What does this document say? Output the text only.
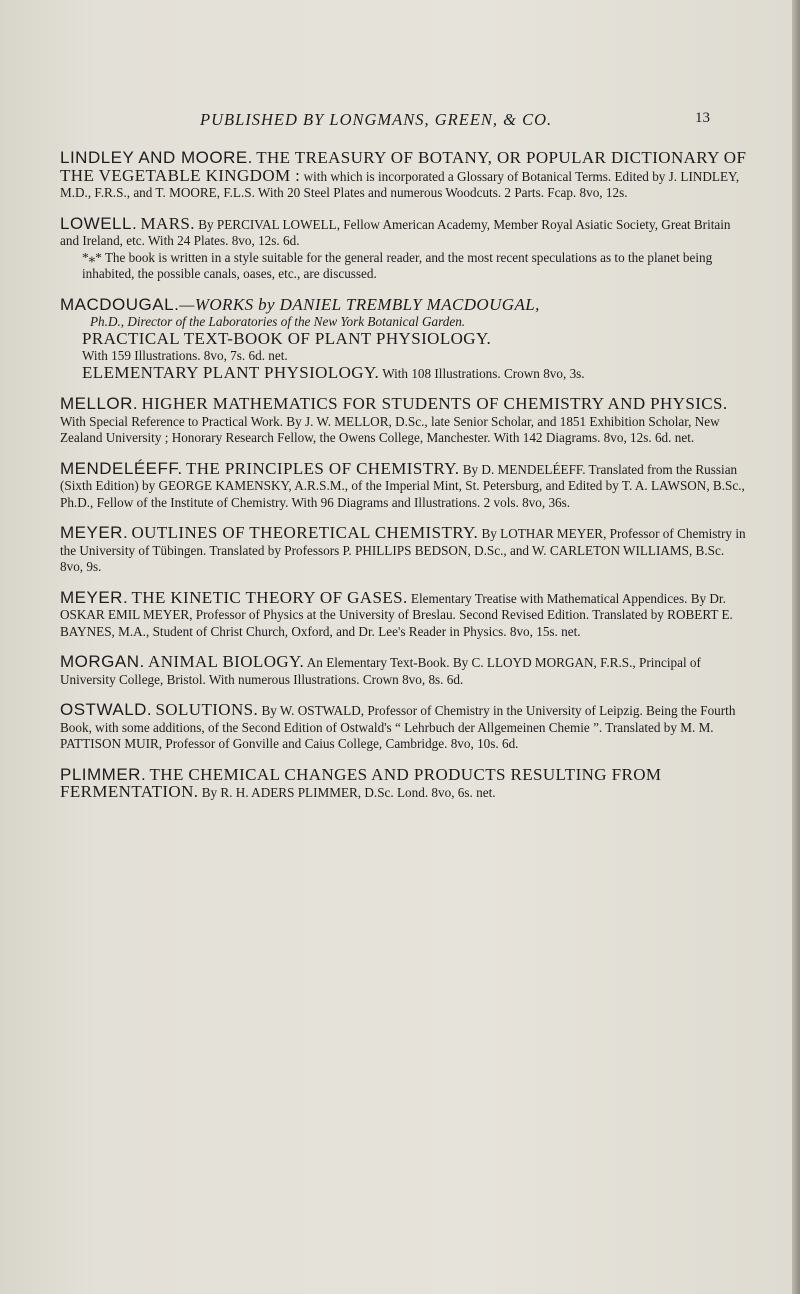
PUBLISHED BY LONGMANS, GREEN, & CO.	13

LINDLEY AND MOORE. THE TREASURY OF BOTANY, OR POPULAR DICTIONARY OF THE VEGETABLE KINGDOM : with which is incorporated a Glossary of Botanical Terms. Edited by J. LINDLEY, M.D., F.R.S., and T. MOORE, F.L.S. With 20 Steel Plates and numerous Woodcuts. 2 Parts. Fcap. 8vo, 12s.

LOWELL. MARS. By PERCIVAL LOWELL, Fellow American Academy, Member Royal Asiatic Society, Great Britain and Ireland, etc. With 24 Plates. 8vo, 12s. 6d.

*⁎* The book is written in a style suitable for the general reader, and the most recent speculations as to the planet being inhabited, the possible canals, oases, etc., are discussed.

MACDOUGAL.—WORKS by DANIEL TREMBLY MACDOUGAL,

Ph.D., Director of the Laboratories of the New York Botanical Garden.

PRACTICAL TEXT-BOOK OF PLANT PHYSIOLOGY.
With 159 Illustrations. 8vo, 7s. 6d. net.

ELEMENTARY PLANT PHYSIOLOGY. With 108 Illustrations. Crown 8vo, 3s.

MELLOR. HIGHER MATHEMATICS FOR STUDENTS OF CHEMISTRY AND PHYSICS. With Special Reference to Practical Work. By J. W. MELLOR, D.Sc., late Senior Scholar, and 1851 Exhibition Scholar, New Zealand University ; Honorary Research Fellow, the Owens College, Manchester. With 142 Diagrams. 8vo, 12s. 6d. net.

MENDELÉEFF. THE PRINCIPLES OF CHEMISTRY. By D. MENDELÉEFF. Translated from the Russian (Sixth Edition) by GEORGE KAMENSKY, A.R.S.M., of the Imperial Mint, St. Petersburg, and Edited by T. A. LAWSON, B.Sc., Ph.D., Fellow of the Institute of Chemistry. With 96 Diagrams and Illustrations. 2 vols. 8vo, 36s.

MEYER. OUTLINES OF THEORETICAL CHEMISTRY. By LOTHAR MEYER, Professor of Chemistry in the University of Tübingen. Translated by Professors P. PHILLIPS BEDSON, D.Sc., and W. CARLETON WILLIAMS, B.Sc. 8vo, 9s.

MEYER. THE KINETIC THEORY OF GASES. Elementary Treatise with Mathematical Appendices. By Dr. OSKAR EMIL MEYER, Professor of Physics at the University of Breslau. Second Revised Edition. Translated by ROBERT E. BAYNES, M.A., Student of Christ Church, Oxford, and Dr. Lee's Reader in Physics. 8vo, 15s. net.

MORGAN. ANIMAL BIOLOGY. An Elementary Text-Book. By C. LLOYD MORGAN, F.R.S., Principal of University College, Bristol. With numerous Illustrations. Crown 8vo, 8s. 6d.

OSTWALD. SOLUTIONS. By W. OSTWALD, Professor of Chemistry in the University of Leipzig. Being the Fourth Book, with some additions, of the Second Edition of Ostwald's “ Lehrbuch der Allgemeinen Chemie ”. Translated by M. M. PATTISON MUIR, Professor of Gonville and Caius College, Cambridge. 8vo, 10s. 6d.

PLIMMER. THE CHEMICAL CHANGES AND PRODUCTS RESULTING FROM FERMENTATION. By R. H. ADERS PLIMMER, D.Sc. Lond. 8vo, 6s. net.
